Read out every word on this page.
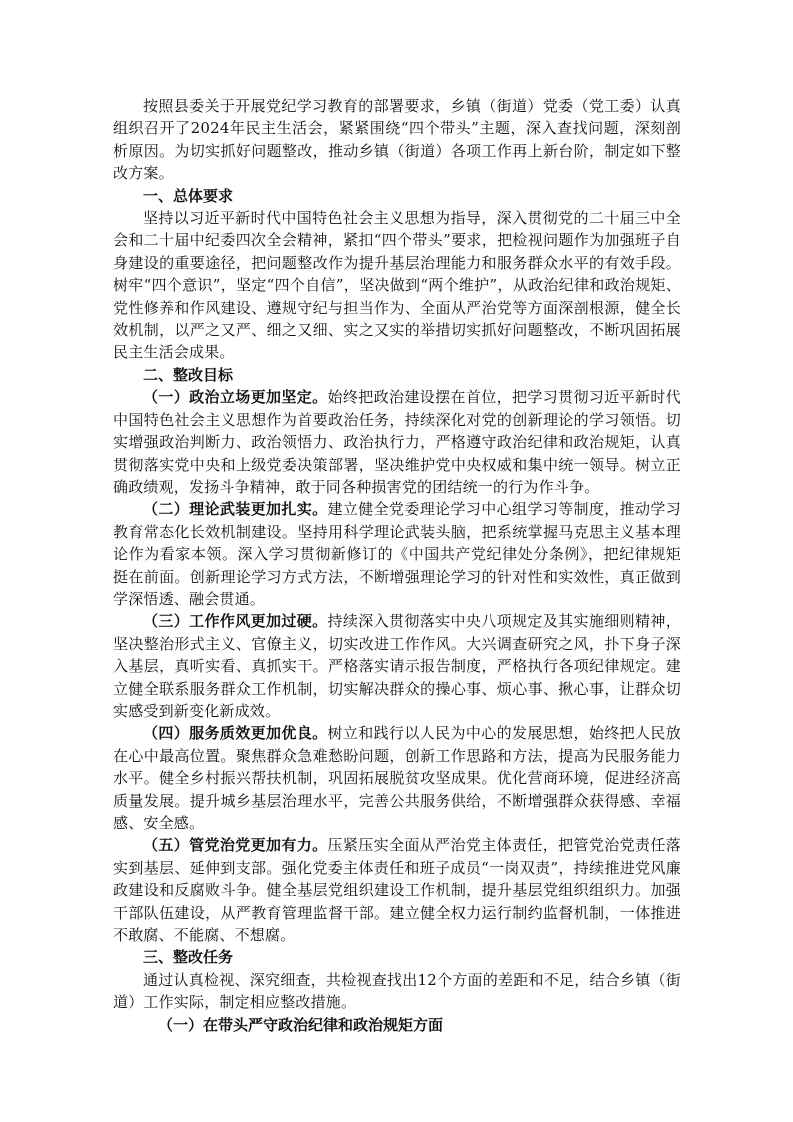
按照县委关于开展党纪学习教育的部署要求，乡镇（街道）党委（党工委）认真组织召开了2024年民主生活会，紧紧围绕“四个带头”主题，深入查找问题，深刻剖析原因。为切实抓好问题整改，推动乡镇（街道）各项工作再上新台阶，制定如下整改方案。

一、总体要求

坚持以习近平新时代中国特色社会主义思想为指导，深入贯彻党的二十届三中全会和二十届中纪委四次全会精神，紧扣“四个带头”要求，把检视问题作为加强班子自身建设的重要途径，把问题整改作为提升基层治理能力和服务群众水平的有效手段。树牢“四个意识”，坚定“四个自信”，坚决做到“两个维护”，从政治纪律和政治规矩、党性修养和作风建设、遵规守纪与担当作为、全面从严治党等方面深剖根源，健全长效机制，以严之又严、细之又细、实之又实的举措切实抓好问题整改，不断巩固拓展民主生活会成果。

二、整改目标

（一）政治立场更加坚定。始终把政治建设摆在首位，把学习贯彻习近平新时代中国特色社会主义思想作为首要政治任务，持续深化对党的创新理论的学习领悟。切实增强政治判断力、政治领悟力、政治执行力，严格遵守政治纪律和政治规矩，认真贯彻落实党中央和上级党委决策部署，坚决维护党中央权威和集中统一领导。树立正确政绩观，发扬斗争精神，敢于同各种损害党的团结统一的行为作斗争。

（二）理论武装更加扎实。建立健全党委理论学习中心组学习等制度，推动学习教育常态化长效机制建设。坚持用科学理论武装头脑，把系统掌握马克思主义基本理论作为看家本领。深入学习贯彻新修订的《中国共产党纪律处分条例》，把纪律规矩挺在前面。创新理论学习方式方法，不断增强理论学习的针对性和实效性，真正做到学深悟透、融会贯通。

（三）工作作风更加过硬。持续深入贯彻落实中央八项规定及其实施细则精神，坚决整治形式主义、官僚主义，切实改进工作作风。大兴调查研究之风，扑下身子深入基层，真听实看、真抓实干。严格落实请示报告制度，严格执行各项纪律规定。建立健全联系服务群众工作机制，切实解决群众的操心事、烦心事、揪心事，让群众切实感受到新变化新成效。

（四）服务质效更加优良。树立和践行以人民为中心的发展思想，始终把人民放在心中最高位置。聚焦群众急难愁盼问题，创新工作思路和方法，提高为民服务能力水平。健全乡村振兴帮扶机制，巩固拓展脱贫攻坚成果。优化营商环境，促进经济高质量发展。提升城乡基层治理水平，完善公共服务供给，不断增强群众获得感、幸福感、安全感。

（五）管党治党更加有力。压紧压实全面从严治党主体责任，把管党治党责任落实到基层、延伸到支部。强化党委主体责任和班子成员“一岗双责”，持续推进党风廉政建设和反腐败斗争。健全基层党组织建设工作机制，提升基层党组织组织力。加强干部队伍建设，从严教育管理监督干部。建立健全权力运行制约监督机制，一体推进不敢腐、不能腐、不想腐。

三、整改任务

通过认真检视、深究细查，共检视查找出12个方面的差距和不足，结合乡镇（街道）工作实际，制定相应整改措施。

（一）在带头严守政治纪律和政治规矩方面
